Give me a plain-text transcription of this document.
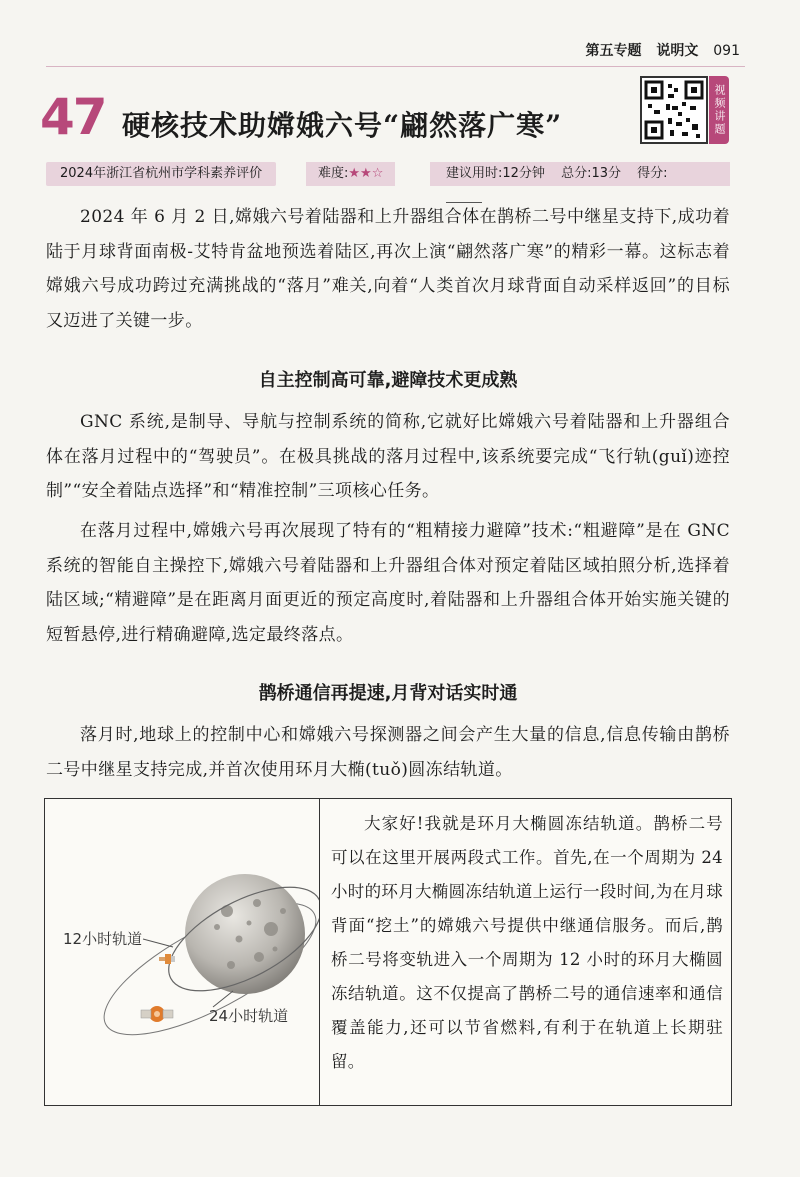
第五专题 说明文 091
47 硬核技术助嫦娥六号“翩然落广寒”	视频讲题
2024年浙江省杭州市学科素养评价	难度:★★☆	建议用时:12分钟 总分:13分 得分:

2024 年 6 月 2 日,嫦娥六号着陆器和上升器组合体在鹊桥二号中继星支持下,成功着陆于月球背面南极-艾特肯盆地预选着陆区,再次上演“翩然落广寒”的精彩一幕。这标志着嫦娥六号成功跨过充满挑战的“落月”难关,向着“人类首次月球背面自动采样返回”的目标又迈进了关键一步。

自主控制高可靠,避障技术更成熟

GNC 系统,是制导、导航与控制系统的简称,它就好比嫦娥六号着陆器和上升器组合体在落月过程中的“驾驶员”。在极具挑战的落月过程中,该系统要完成“飞行轨(guǐ)迹控制”“安全着陆点选择”和“精准控制”三项核心任务。

在落月过程中,嫦娥六号再次展现了特有的“粗精接力避障”技术:“粗避障”是在 GNC 系统的智能自主操控下,嫦娥六号着陆器和上升器组合体对预定着陆区域拍照分析,选择着陆区域;“精避障”是在距离月面更近的预定高度时,着陆器和上升器组合体开始实施关键的短暂悬停,进行精确避障,选定最终落点。

鹊桥通信再提速,月背对话实时通

落月时,地球上的控制中心和嫦娥六号探测器之间会产生大量的信息,信息传输由鹊桥二号中继星支持完成,并首次使用环月大椭(tuǒ)圆冻结轨道。

12小时轨道
24小时轨道

大家好!我就是环月大椭圆冻结轨道。鹊桥二号可以在这里开展两段式工作。首先,在一个周期为 24 小时的环月大椭圆冻结轨道上运行一段时间,为在月球背面“挖土”的嫦娥六号提供中继通信服务。而后,鹊桥二号将变轨进入一个周期为 12 小时的环月大椭圆冻结轨道。这不仅提高了鹊桥二号的通信速率和通信覆盖能力,还可以节省燃料,有利于在轨道上长期驻留。
